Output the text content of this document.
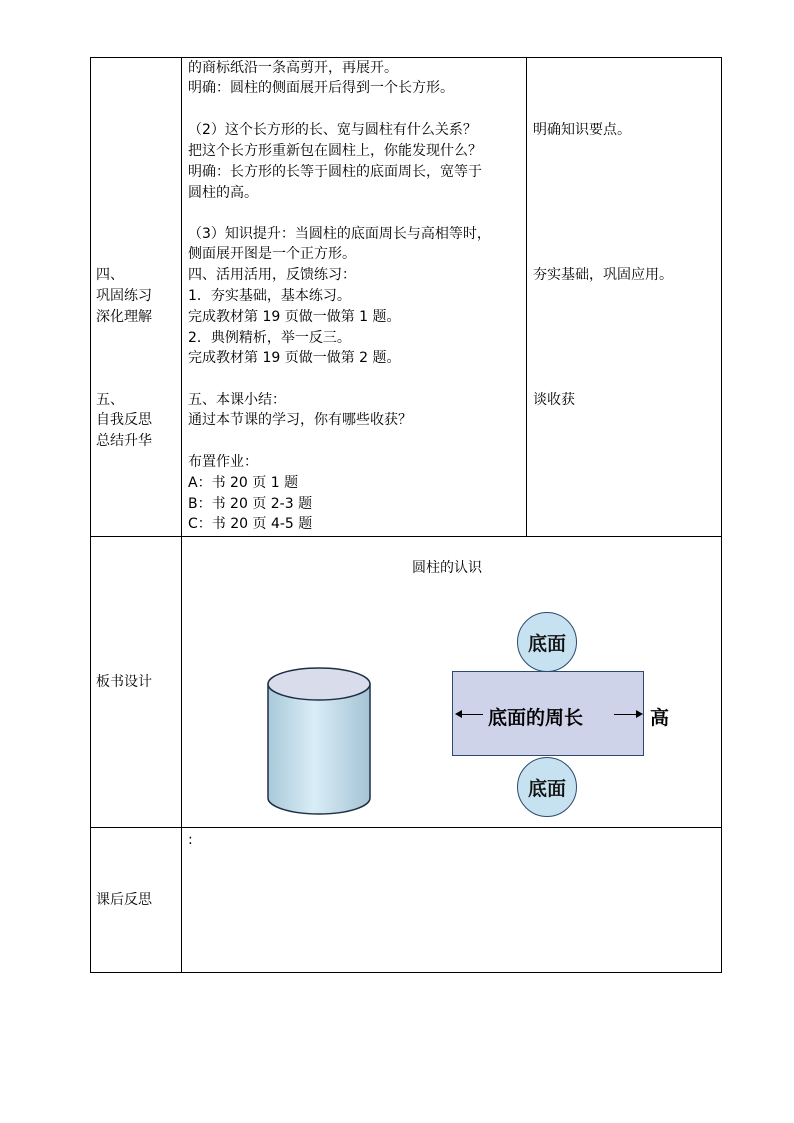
的商标纸沿一条高剪开，再展开。
明确：圆柱的侧面展开后得到一个长方形。
（2）这个长方形的长、宽与圆柱有什么关系？
把这个长方形重新包在圆柱上，你能发现什么？
明确：长方形的长等于圆柱的底面周长，宽等于
圆柱的高。
（3）知识提升：当圆柱的底面周长与高相等时，
侧面展开图是一个正方形。
四、活用活用，反馈练习：
1．夯实基础，基本练习。
完成教材第 19 页做一做第 1 题。
2．典例精析，举一反三。
完成教材第 19 页做一做第 2 题。
五、本课小结：
通过本节课的学习，你有哪些收获？
布置作业：
A：书 20 页 1 题
B：书 20 页 2-3 题
C：书 20 页 4-5 题
四、
巩固练习
深化理解
五、
自我反思
总结升华
板书设计
课后反思
明确知识要点。
夯实基础，巩固应用。
谈收获
圆柱的认识
底面
底面
底面的周长	高
:
